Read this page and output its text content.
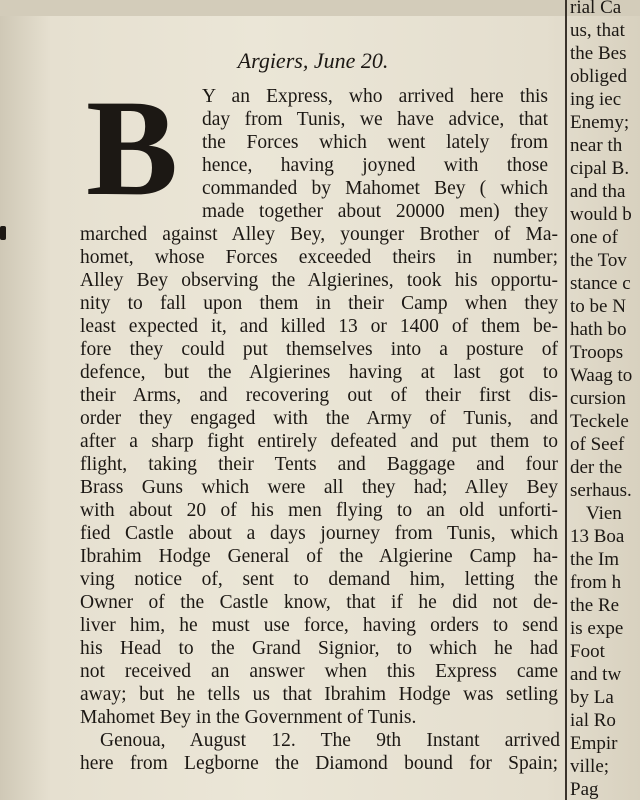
Argiers, June 20.
B Y an Express, who arrived here this
day from Tunis, we have advice, that
the Forces which went lately from
hence, having joyned with those
commanded by Mahomet Bey ( which
made together about 20000 men) they
marched against Alley Bey, younger Brother of Ma-
homet, whose Forces exceeded theirs in number;
Alley Bey observing the Algierines, took his opportu-
nity to fall upon them in their Camp when they
least expected it, and killed 13 or 1400 of them be-
fore they could put themselves into a posture of
defence, but the Algierines having at last got to
their Arms, and recovering out of their first dis-
order they engaged with the Army of Tunis, and
after a sharp fight entirely defeated and put them to
flight, taking their Tents and Baggage and four
Brass Guns which were all they had; Alley Bey
with about 20 of his men flying to an old unforti-
fied Castle about a days journey from Tunis, which
Ibrahim Hodge General of the Algierine Camp ha-
ving notice of, sent to demand him, letting the
Owner of the Castle know, that if he did not de-
liver him, he must use force, having orders to send
his Head to the Grand Signior, to which he had
not received an answer when this Express came
away; but he tells us that Ibrahim Hodge was setling
Mahomet Bey in the Government of Tunis.
Genoua, August 12. The 9th Instant arrived
here from Legborne the Diamond bound for Spain;
rial Ca
us, that
the Bes
obliged
ing iec
Enemy;
near th
cipal B.
and tha
would b
one of
the Tov
stance c
to be N
hath bo
Troops
Waag to
cursion
Teckele
of Seef
der the
serhaus.
Vien
13 Boa
the Im
from h
the Re
is expe
Foot
and tw
by La
ial Ro
Empir
ville;
Pag
